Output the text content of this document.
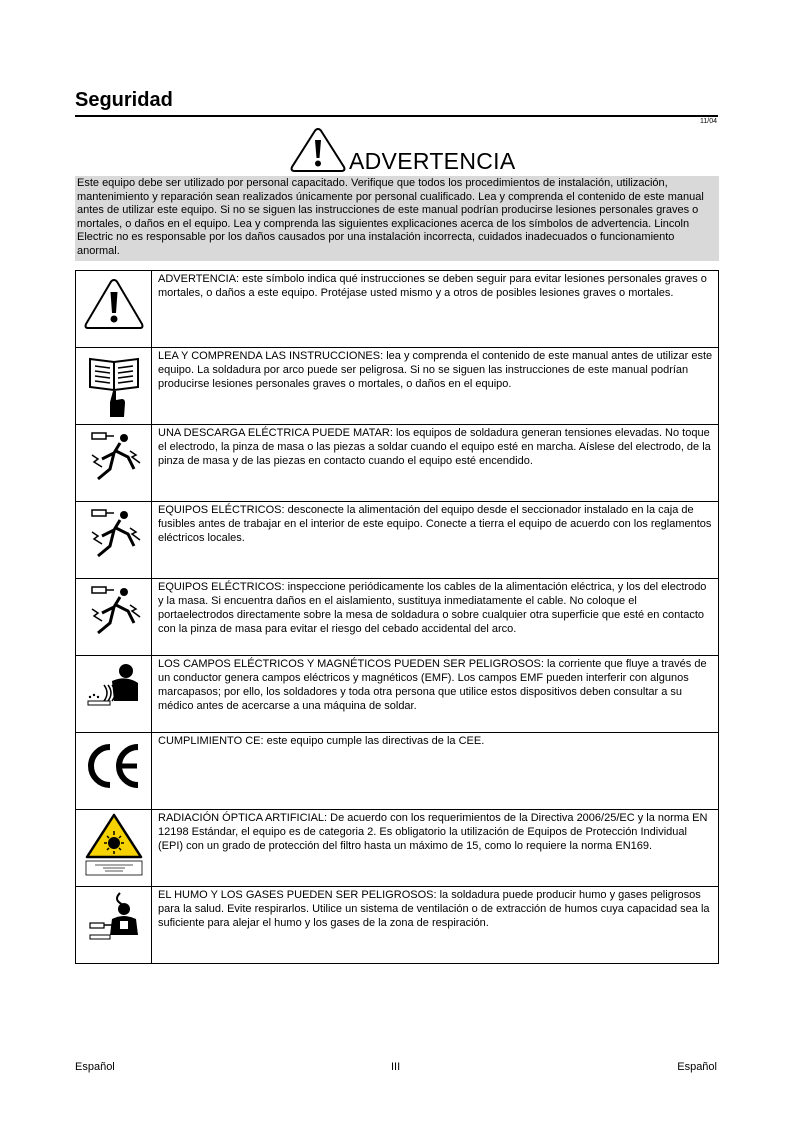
Seguridad
11/04
ADVERTENCIA
Este equipo debe ser utilizado por personal capacitado. Verifique que todos los procedimientos de instalación, utilización, mantenimiento y reparación sean realizados únicamente por personal cualificado. Lea y comprenda el contenido de este manual antes de utilizar este equipo. Si no se siguen las instrucciones de este manual podrían producirse lesiones personales graves o mortales, o daños en el equipo. Lea y comprenda las siguientes explicaciones acerca de los símbolos de advertencia. Lincoln Electric no es responsable por los daños causados por una instalación incorrecta, cuidados inadecuados o funcionamiento anormal.
	ADVERTENCIA: este símbolo indica qué instrucciones se deben seguir para evitar lesiones personales graves o mortales, o daños a este equipo. Protéjase usted mismo y a otros de posibles lesiones graves o mortales.

	LEA Y COMPRENDA LAS INSTRUCCIONES: lea y comprenda el contenido de este manual antes de utilizar este equipo. La soldadura por arco puede ser peligrosa. Si no se siguen las instrucciones de este manual podrían producirse lesiones personales graves o mortales, o daños en el equipo.

	UNA DESCARGA ELÉCTRICA PUEDE MATAR: los equipos de soldadura generan tensiones elevadas. No toque el electrodo, la pinza de masa o las piezas a soldar cuando el equipo esté en marcha. Aíslese del electrodo, de la pinza de masa y de las piezas en contacto cuando el equipo esté encendido.

	EQUIPOS ELÉCTRICOS: desconecte la alimentación del equipo desde el seccionador instalado en la caja de fusibles antes de trabajar en el interior de este equipo. Conecte a tierra el equipo de acuerdo con los reglamentos eléctricos locales.

	EQUIPOS ELÉCTRICOS: inspeccione periódicamente los cables de la alimentación eléctrica, y los del electrodo y la masa. Si encuentra daños en el aislamiento, sustituya inmediatamente el cable. No coloque el portaelectrodos directamente sobre la mesa de soldadura o sobre cualquier otra superficie que esté en contacto con la pinza de masa para evitar el riesgo del cebado accidental del arco.

	LOS CAMPOS ELÉCTRICOS Y MAGNÉTICOS PUEDEN SER PELIGROSOS: la corriente que fluye a través de un conductor genera campos eléctricos y magnéticos (EMF). Los campos EMF pueden interferir con algunos marcapasos; por ello, los soldadores y toda otra persona que utilice estos dispositivos deben consultar a su médico antes de acercarse a una máquina de soldar.

	CUMPLIMIENTO CE: este equipo cumple las directivas de la CEE.

	RADIACIÓN ÓPTICA ARTIFICIAL: De acuerdo con los requerimientos de la Directiva 2006/25/EC y la norma EN 12198 Estándar, el equipo es de categoria 2. Es obligatorio la utilización de Equipos de Protección Individual (EPI) con un grado de protección del filtro hasta un máximo de 15, como lo requiere la norma EN169.

	EL HUMO Y LOS GASES PUEDEN SER PELIGROSOS: la soldadura puede producir humo y gases peligrosos para la salud. Evite respirarlos. Utilice un sistema de ventilación o de extracción de humos cuya capacidad sea la suficiente para alejar el humo y los gases de la zona de respiración.
Español	III	Español
